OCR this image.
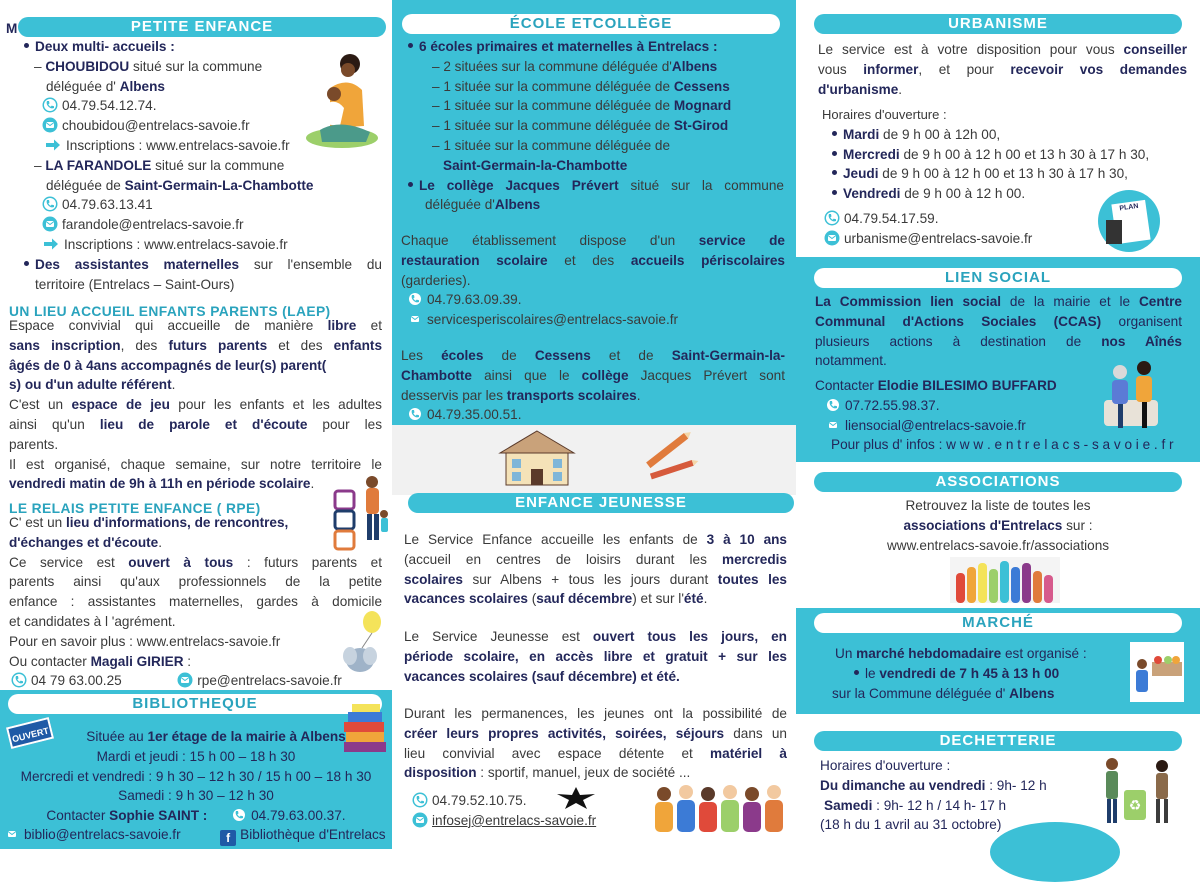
M	PETITE ENFANCE
Deux multi- accueils :
– CHOUBIDOU situé sur la commune
déléguée d' Albens
04.79.54.12.74.
choubidou@entrelacs-savoie.fr
Inscriptions : www.entrelacs-savoie.fr
– LA FARANDOLE situé sur la commune
déléguée de Saint-Germain-La-Chambotte
04.79.63.13.41
farandole@entrelacs-savoie.fr
Inscriptions : www.entrelacs-savoie.fr
Des assistantes maternelles sur l'ensemble du
territoire (Entrelacs – Saint-Ours)
UN LIEU ACCUEIL ENFANTS PARENTS (LAEP)
Espace convivial qui accueille de manière libre et
sans inscription, des futurs parents et des enfants
âgés de 0 à 4ans accompagnés de leur(s) parent(
s) ou d'un adulte référent.
C'est un espace de jeu pour les enfants et les adultes
ainsi qu'un lieu de parole et d'écoute pour les
parents.
Il est organisé, chaque semaine, sur notre territoire le
vendredi matin de 9h à 11h en période scolaire.
LE RELAIS PETITE ENFANCE ( RPE)
C' est un lieu d'informations, de rencontres,
d'échanges et d'écoute.
Ce service est ouvert à tous : futurs parents et
parents ainsi qu'aux professionnels de la petite
enfance : assistantes maternelles, gardes à domicile
et candidates à l 'agrément.
Pour en savoir plus : www.entrelacs-savoie.fr
Ou contacter Magali GIRIER :
04 79 63.00.25	rpe@entrelacs-savoie.fr
BIBLIOTHEQUE
OUVERT	Située au 1er étage de la mairie à Albens
Mardi et jeudi : 15 h 00 – 18 h 30
Mercredi et vendredi : 9 h 30 – 12 h 30 / 15 h 00 – 18 h 30
Samedi : 9 h 30 – 12 h 30
Contacter Sophie SAINT :	04.79.63.00.37.
biblio@entrelacs-savoie.fr	f Bibliothèque d'Entrelacs
ÉCOLE ETCOLLÈGE
6 écoles primaires et maternelles à Entrelacs :
– 2 situées sur la commune déléguée d'Albens
– 1 située sur la commune déléguée de Cessens
– 1 située sur la commune déléguée de Mognard
– 1 située sur la commune déléguée de St-Girod
– 1 située sur la commune déléguée de
Saint-Germain-la-Chambotte
Le collège Jacques Prévert situé sur la commune
déléguée d'Albens
Chaque établissement dispose d'un service de
restauration scolaire et des accueils périscolaires
(garderies).
04.79.63.09.39.
servicesperiscolaires@entrelacs-savoie.fr
Les écoles de Cessens et de Saint-Germain-la-
Chambotte ainsi que le collège Jacques Prévert sont
desservis par les transports scolaires.
04.79.35.00.51.
ENFANCE JEUNESSE
Le Service Enfance accueille les enfants de 3 à 10 ans
(accueil en centres de loisirs durant les mercredis
scolaires sur Albens + tous les jours durant toutes les
vacances scolaires (sauf décembre) et sur l'été.
Le Service Jeunesse est ouvert tous les jours, en
période scolaire, en accès libre et gratuit + sur les
vacances scolaires (sauf décembre) et été.
Durant les permanences, les jeunes ont la possibilité de
créer leurs propres activités, soirées, séjours dans un
lieu convivial avec espace détente et matériel à
disposition : sportif, manuel, jeux de société ...
04.79.52.10.75.
infosej@entrelacs-savoie.fr
URBANISME
Le service est à votre disposition pour vous conseiller
vous informer, et pour recevoir vos demandes
d'urbanisme.
Horaires d'ouverture :
Mardi de 9 h 00 à 12h 00,
Mercredi de 9 h 00 à 12 h 00 et 13 h 30 à 17 h 30,
Jeudi de 9 h 00 à 12 h 00 et 13 h 30 à 17 h 30,
Vendredi de 9 h 00 à 12 h 00.
04.79.54.17.59.
urbanisme@entrelacs-savoie.fr
PLAN
LIEN SOCIAL
La Commission lien social de la mairie et le Centre
Communal d'Actions Sociales (CCAS) organisent
plusieurs actions à destination de nos Aînés
notamment.
Contacter Elodie BILESIMO BUFFARD
07.72.55.98.37.
liensocial@entrelacs-savoie.fr
Pour plus d' infos : w w w . e n t r e l a c s - s a v o i e . f r
ASSOCIATIONS
Retrouvez la liste de toutes les
associations d'Entrelacs sur :
www.entrelacs-savoie.fr/associations
MARCHÉ
Un marché hebdomadaire est organisé :
le vendredi de 7 h 45 à 13 h 00
sur la Commune déléguée d' Albens
DECHETTERIE
Horaires d'ouverture :
Du dimanche au vendredi : 9h- 12 h
Samedi : 9h- 12 h / 14 h- 17 h
(18 h du 1 avril au 31 octobre)
♻
